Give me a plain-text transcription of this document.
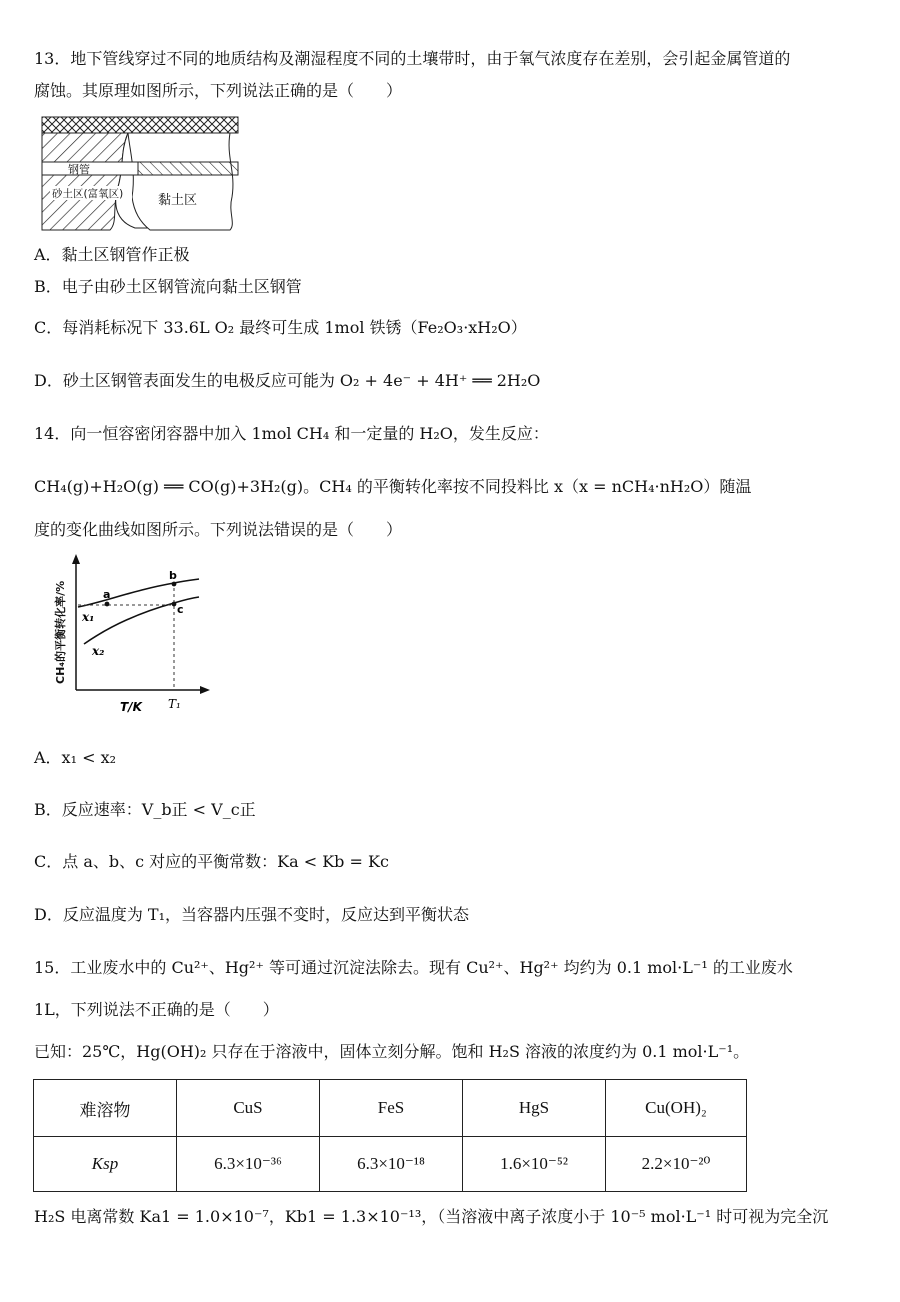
13．地下管线穿过不同的地质结构及潮湿程度不同的土壤带时，由于氧气浓度存在差别，会引起金属管道的
腐蚀。其原理如图所示，下列说法正确的是（　　）
钢管
砂土区(富氧区)	黏土区
A．黏土区钢管作正极
B．电子由砂土区钢管流向黏土区钢管
C．每消耗标况下 33.6L O₂ 最终可生成 1mol 铁锈（Fe₂O₃·xH₂O）
D．砂土区钢管表面发生的电极反应可能为 O₂ + 4e⁻ + 4H⁺ ══ 2H₂O
14．向一恒容密闭容器中加入 1mol CH₄ 和一定量的 H₂O，发生反应：
CH₄(g)+H₂O(g) ══ CO(g)+3H₂(g)。CH₄ 的平衡转化率按不同投料比 x（x = nCH₄·nH₂O）随温
度的变化曲线如图所示。下列说法错误的是（　　）
CH₄的平衡转化率/%	a
b
c
x₁
x₂
T/K T₁
A．x₁ < x₂
B．反应速率：V_b正 < V_c正
C．点 a、b、c 对应的平衡常数：Ka < Kb = Kc
D．反应温度为 T₁，当容器内压强不变时，反应达到平衡状态
15．工业废水中的 Cu²⁺、Hg²⁺ 等可通过沉淀法除去。现有 Cu²⁺、Hg²⁺ 均约为 0.1 mol·L⁻¹ 的工业废水
1L，下列说法不正确的是（　　）
已知：25℃，Hg(OH)₂ 只存在于溶液中，固体立刻分解。饱和 H₂S 溶液的浓度约为 0.1 mol·L⁻¹。
难溶物	CuS	FeS	HgS	Cu(OH)₂
Ksp	6.3×10⁻³⁶	6.3×10⁻¹⁸	1.6×10⁻⁵²	2.2×10⁻²⁰
H₂S 电离常数 Ka1 = 1.0×10⁻⁷，Kb1 = 1.3×10⁻¹³，（当溶液中离子浓度小于 10⁻⁵ mol·L⁻¹ 时可视为完全沉
